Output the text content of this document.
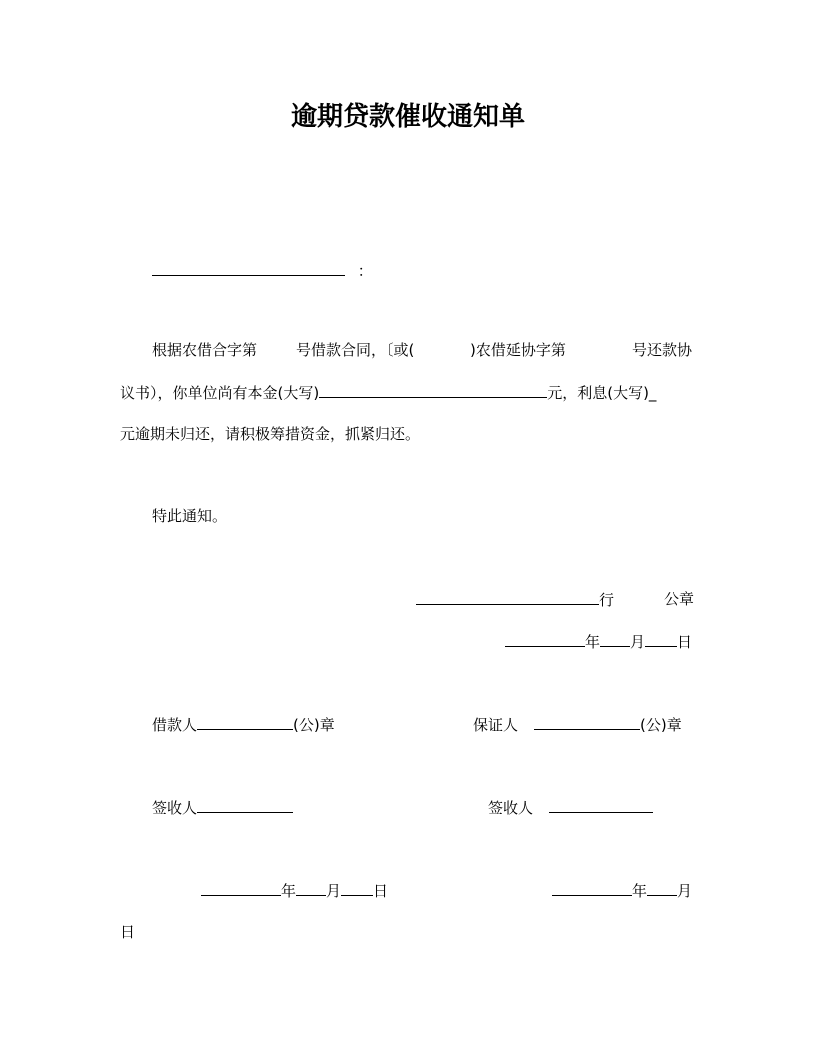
逾期贷款催收通知单
：
根据农借合字第	号借款合同，〔或(	)农借延协字第	号还款协
议书），你单位尚有本金(大写)	元，利息(大写)_
元逾期未归还，请积极筹措资金，抓紧归还。
特此通知。
行	公章
年 月 日
借款人	(公)章	保证人	(公)章
签收人	签收人
年 月 日	年 月
日
